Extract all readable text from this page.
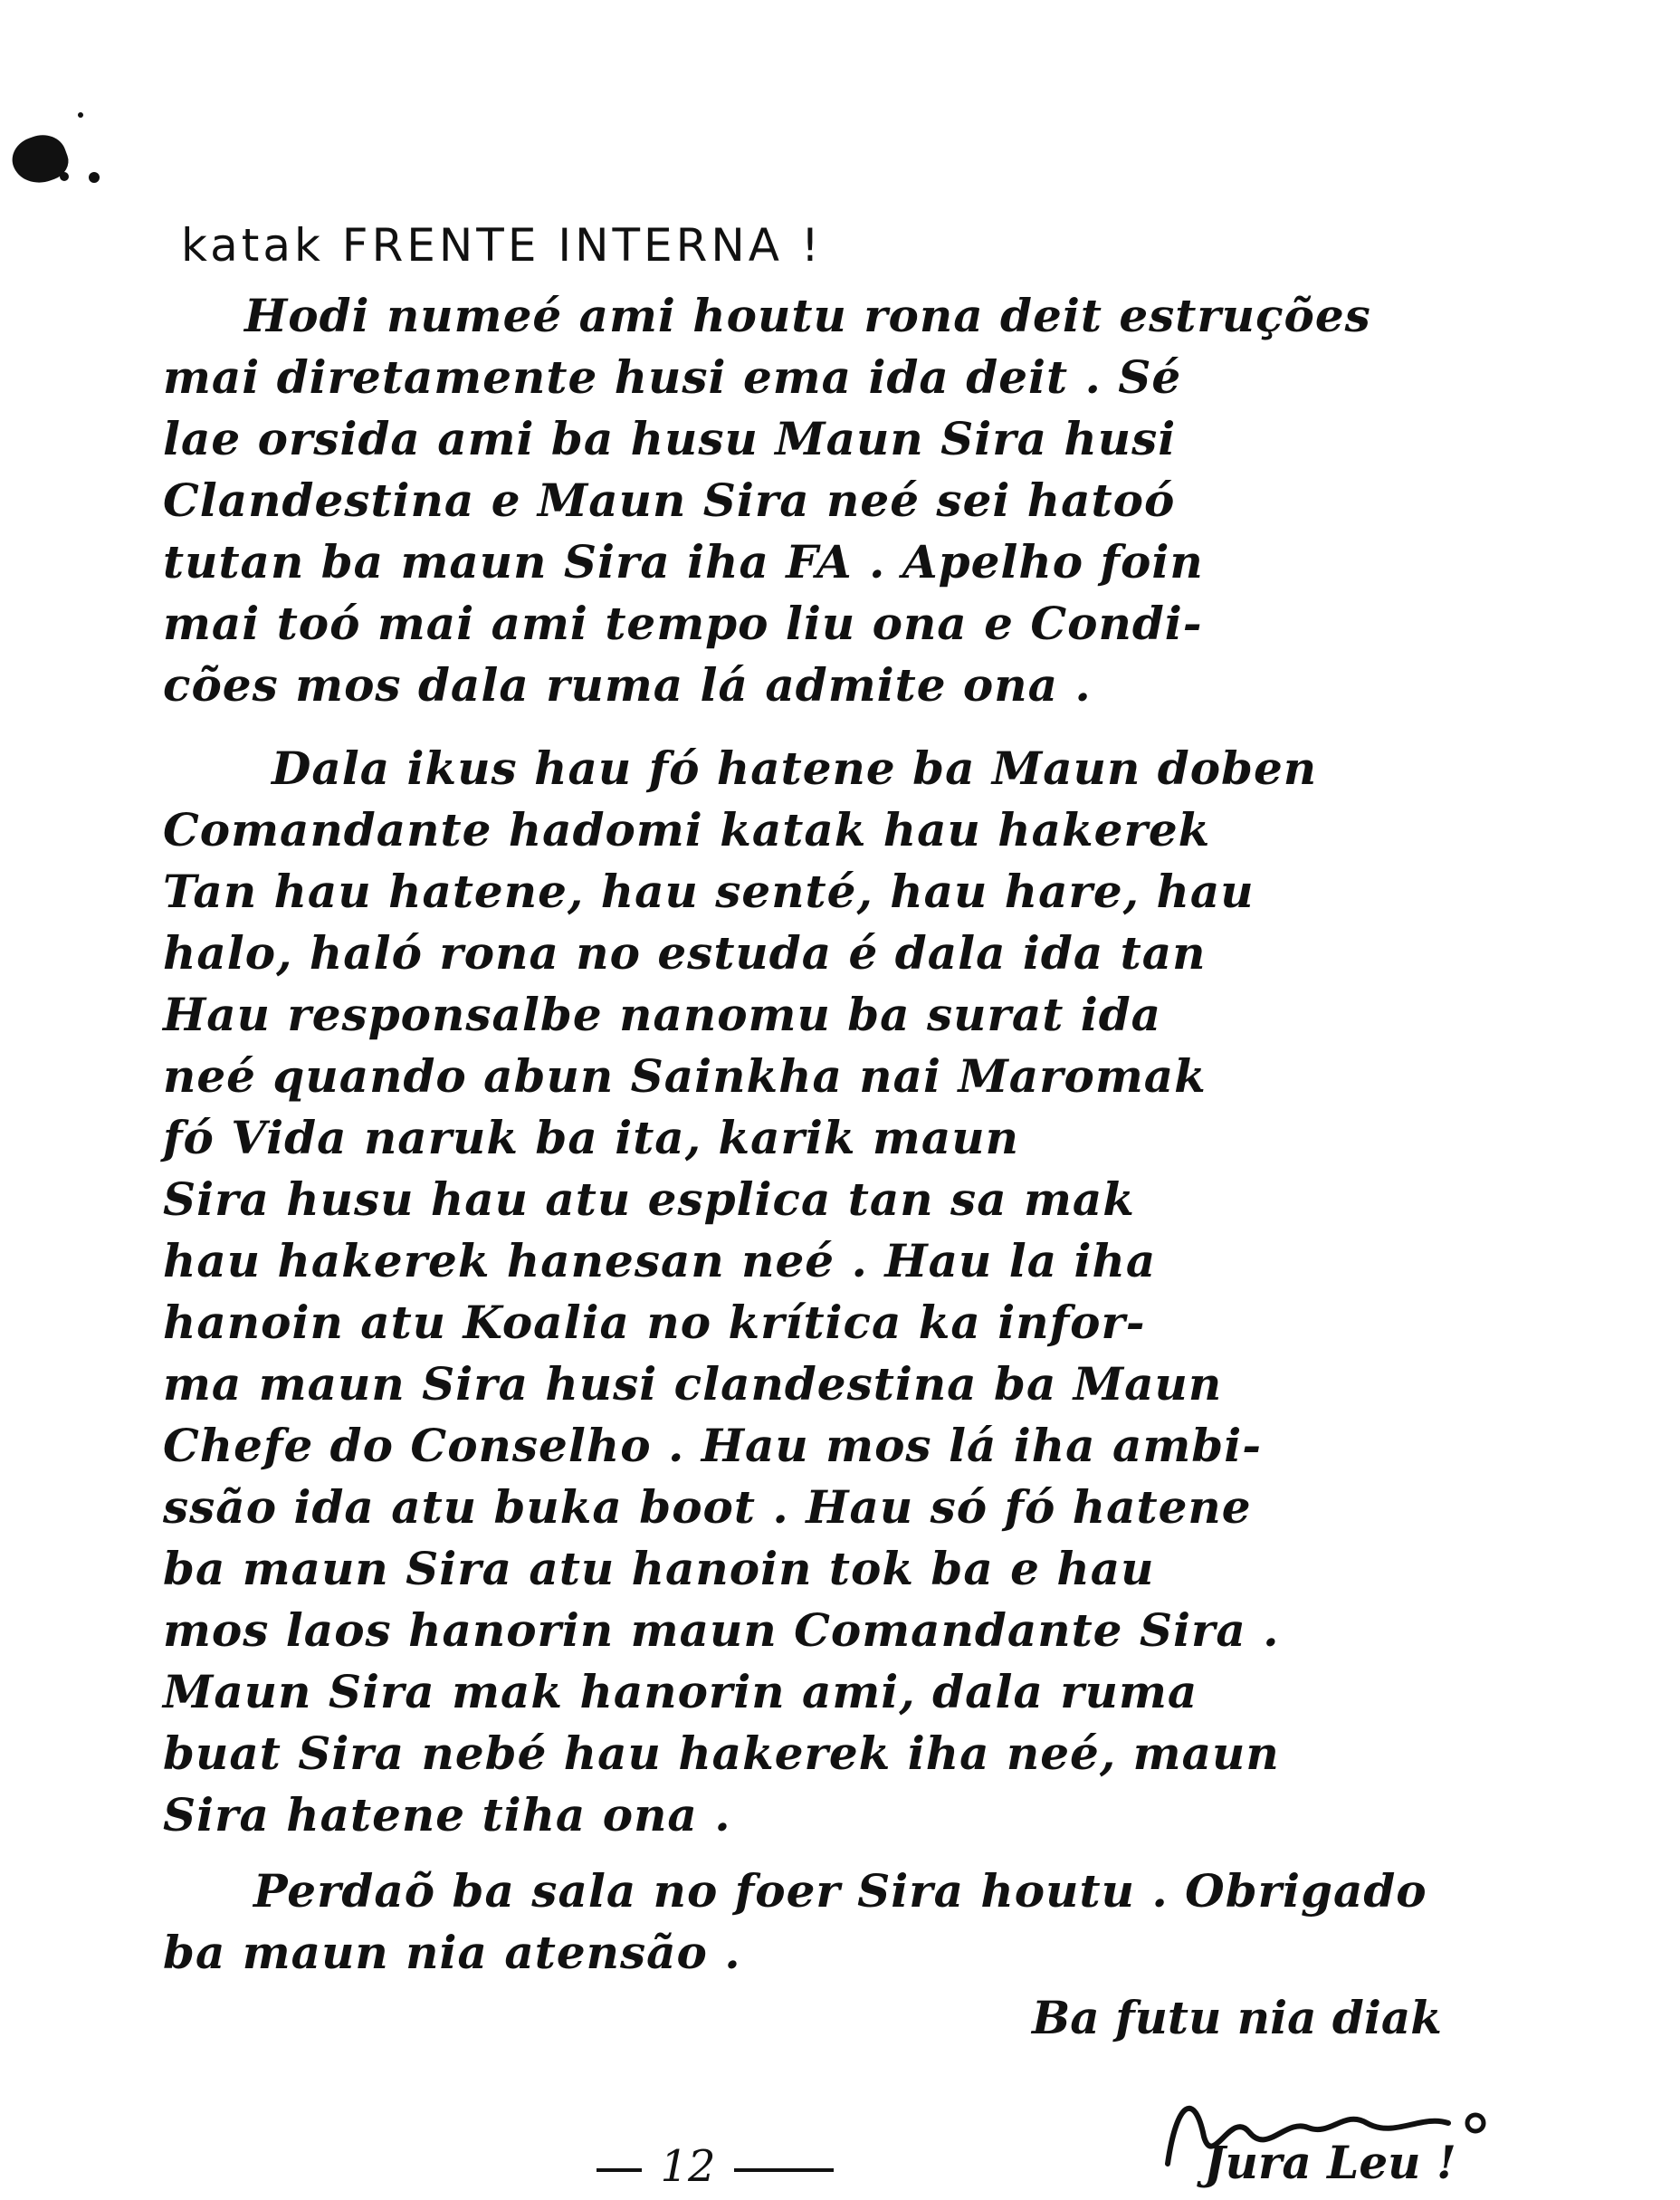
katak FRENTE INTERNA !
Hodi numeé ami houtu rona deit estruções
mai diretamente husi ema ida deit . Sé
lae orsida ami ba husu Maun Sira husi
Clandestina e Maun Sira neé sei hatoó
tutan ba maun Sira iha FA . Apelho foin
mai toó mai ami tempo liu ona e Condi-
cões mos dala ruma lá admite ona .
Dala ikus hau fó hatene ba Maun doben
Comandante hadomi katak hau hakerek
Tan hau hatene, hau senté, hau hare, hau
halo, haló rona no estuda é dala ida tan
Hau responsalbe nanomu ba surat ida
neé quando abun Sainkha nai Maromak
fó Vida naruk ba ita, karik maun
Sira husu hau atu esplica tan sa mak
hau hakerek hanesan neé . Hau la iha
hanoin atu Koalia no krítica ka infor-
ma maun Sira husi clandestina ba Maun
Chefe do Conselho . Hau mos lá iha ambi-
ssão ida atu buka boot . Hau só fó hatene
ba maun Sira atu hanoin tok ba e hau
mos laos hanorin maun Comandante Sira .
Maun Sira mak hanorin ami, dala ruma
buat Sira nebé hau hakerek iha neé, maun
Sira hatene tiha ona .
Perdaõ ba sala no foer Sira houtu . Obrigado
ba maun nia atensão .
Ba futu nia diak
Jura Leu !
12
